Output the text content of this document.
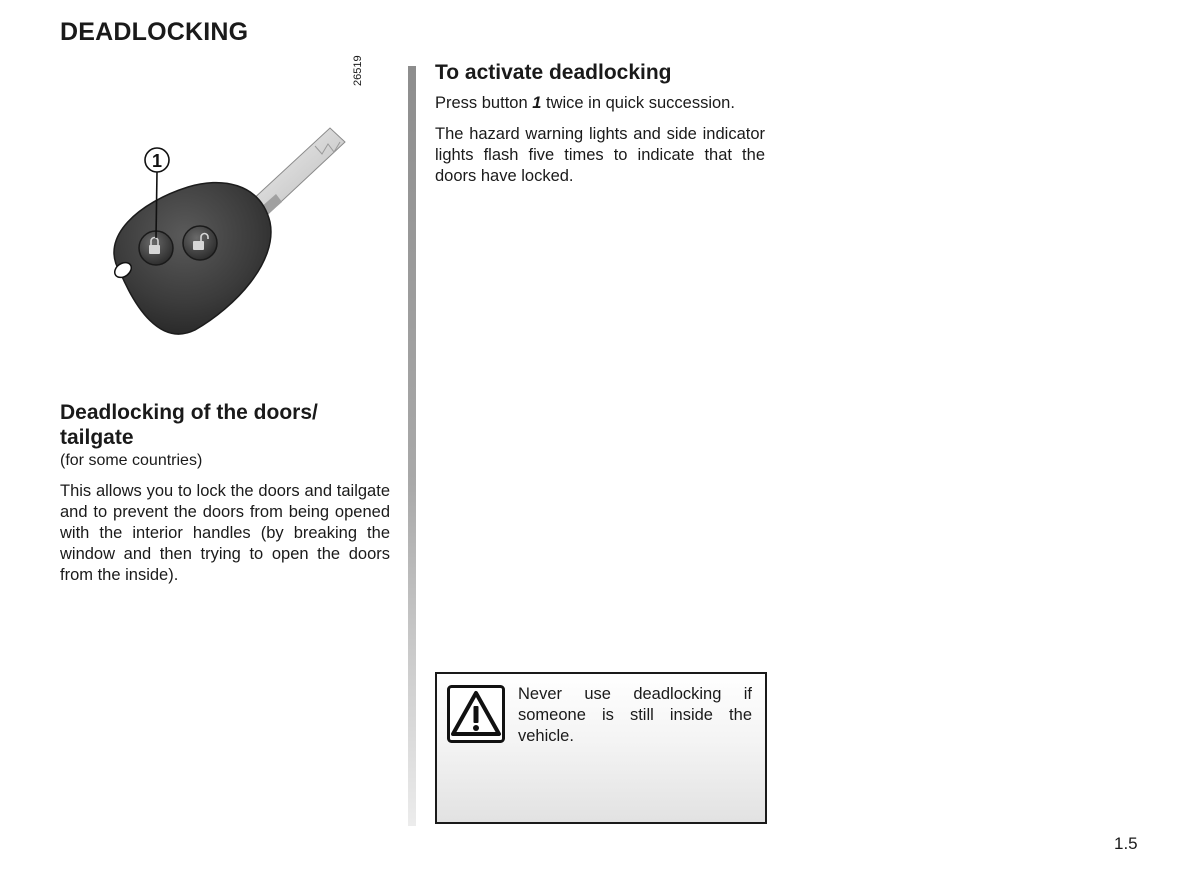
DEADLOCKING
1
26519
Deadlocking of the doors/ tailgate

(for some countries)

This allows you to lock the doors and tailgate and to prevent the doors from being opened with the interior handles (by breaking the window and then trying to open the doors from the inside).

To activate deadlocking

Press button 1 twice in quick succession.

The hazard warning lights and side indicator lights flash five times to indicate that the doors have locked.

Never use deadlocking if someone is still inside the vehicle.
1.5
